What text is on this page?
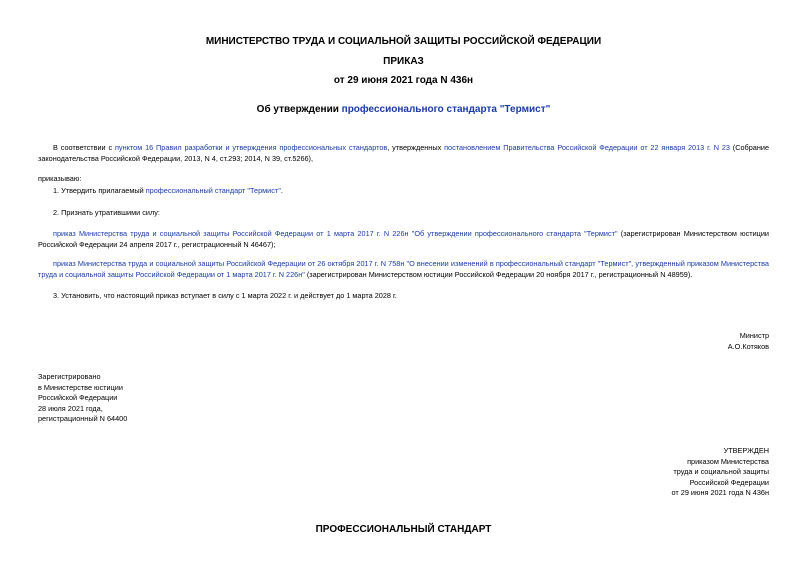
МИНИСТЕРСТВО ТРУДА И СОЦИАЛЬНОЙ ЗАЩИТЫ РОССИЙСКОЙ ФЕДЕРАЦИИ
ПРИКАЗ
от 29 июня 2021 года N 436н
Об утверждении профессионального стандарта "Термист"
В соответствии с пунктом 16 Правил разработки и утверждения профессиональных стандартов, утвержденных постановлением Правительства Российской Федерации от 22 января 2013 г. N 23 (Собрание законодательства Российской Федерации, 2013, N 4, ст.293; 2014, N 39, ст.5266),
приказываю:
1. Утвердить прилагаемый профессиональный стандарт "Термист".
2. Признать утратившими силу:
приказ Министерства труда и социальной защиты Российской Федерации от 1 марта 2017 г. N 226н "Об утверждении профессионального стандарта "Термист" (зарегистрирован Министерством юстиции Российской Федерации 24 апреля 2017 г., регистрационный N 46467);
приказ Министерства труда и социальной защиты Российской Федерации от 26 октября 2017 г. N 758н "О внесении изменений в профессиональный стандарт "Термист", утвержденный приказом Министерства труда и социальной защиты Российской Федерации от 1 марта 2017 г. N 226н" (зарегистрирован Министерством юстиции Российской Федерации 20 ноября 2017 г., регистрационный N 48959).
3. Установить, что настоящий приказ вступает в силу с 1 марта 2022 г. и действует до 1 марта 2028 г.
Министр
А.О.Котяков
Зарегистрировано
в Министерстве юстиции
Российской Федерации
28 июля 2021 года,
регистрационный N 64400
УТВЕРЖДЕН
приказом Министерства
труда и социальной защиты
Российской Федерации
от 29 июня 2021 года N 436н
ПРОФЕССИОНАЛЬНЫЙ СТАНДАРТ
